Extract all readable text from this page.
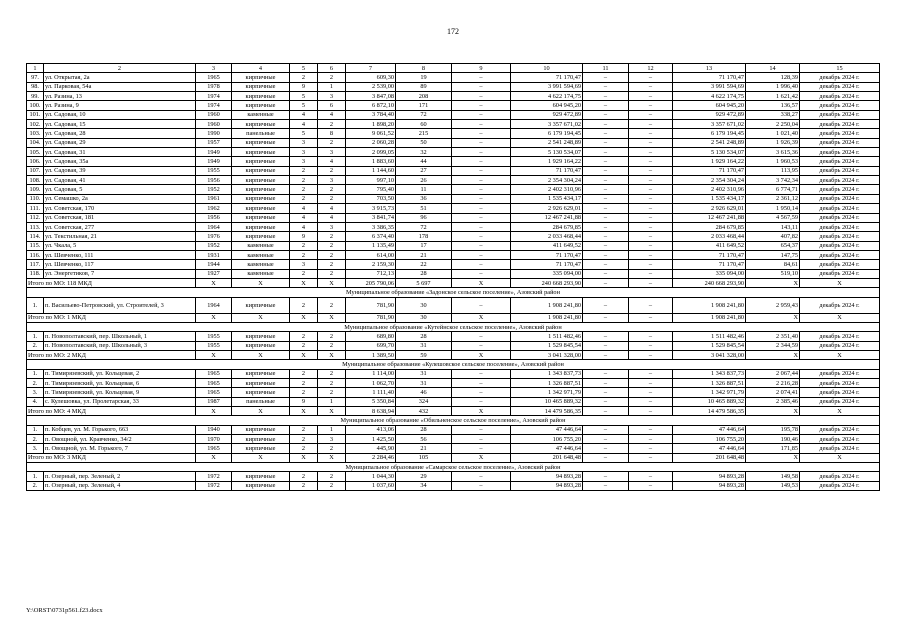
172
1	2	3	4	5	6	7	8	9	10	11	12	13	14	15
97.	ул. Открытая, 2а	1965	кирпичные	2	2	609,30	19	–	71 170,47	–	–	71 170,47	128,39	декабрь 2024 г.
98.	ул. Парковая, 54а	1978	кирпичные	9	1	2 539,00	89	–	3 991 594,69	–	–	3 991 594,69	1 996,40	декабрь 2024 г.
99.	ул. Разина, 13	1974	кирпичные	5	3	3 847,08	208	–	4 622 174,75	–	–	4 622 174,75	1 621,42	декабрь 2024 г.
100.	ул. Разина, 9	1974	кирпичные	5	6	6 872,10	171	–	604 945,20	–	–	604 945,20	136,57	декабрь 2024 г.
101.	ул. Садовая, 10	1960	каменные	4	4	3 784,40	72	–	929 472,89	–	–	929 472,89	338,27	декабрь 2024 г.
102.	ул. Садовая, 15	1960	кирпичные	4	2	1 898,20	60	–	3 357 671,02	–	–	3 357 671,02	2 250,04	декабрь 2024 г.
103.	ул. Садовая, 28	1990	панельные	5	8	9 061,52	215	–	6 179 194,45	–	–	6 179 194,45	1 021,40	декабрь 2024 г.
104.	ул. Садовая, 29	1957	кирпичные	3	2	2 060,28	50	–	2 541 248,89	–	–	2 541 248,89	1 926,39	декабрь 2024 г.
105.	ул. Садовая, 31	1949	кирпичные	3	3	2 099,05	32	–	5 130 534,07	–	–	5 130 534,07	3 615,36	декабрь 2024 г.
106.	ул. Садовая, 35а	1949	кирпичные	3	4	1 883,60	44	–	1 929 164,22	–	–	1 929 164,22	1 960,53	декабрь 2024 г.
107.	ул. Садовая, 39	1955	кирпичные	2	2	1 144,60	27	–	71 170,47	–	–	71 170,47	113,95	декабрь 2024 г.
108.	ул. Садовая, 41	1956	кирпичные	2	3	997,10	26	–	2 354 304,24	–	–	2 354 304,24	3 742,34	декабрь 2024 г.
109.	ул. Садовая, 5	1952	кирпичные	2	2	795,40	11	–	2 402 310,96	–	–	2 402 310,96	6 774,71	декабрь 2024 г.
110.	ул. Семашко, 2а	1961	кирпичные	2	2	703,50	36	–	1 535 434,17	–	–	1 535 434,17	2 361,12	декабрь 2024 г.
111.	ул. Советская, 170	1962	кирпичные	4	4	3 915,73	51	–	2 926 629,01	–	–	2 926 629,01	1 950,14	декабрь 2024 г.
112.	ул. Советская, 181	1956	кирпичные	4	4	3 841,74	96	–	12 467 241,88	–	–	12 467 241,88	4 567,59	декабрь 2024 г.
113.	ул. Советская, 277	1964	кирпичные	4	3	3 386,35	72	–	284 679,85	–	–	284 679,85	143,11	декабрь 2024 г.
114.	ул. Текстильная, 21	1976	кирпичные	9	2	6 374,40	178	–	2 033 468,44	–	–	2 033 468,44	407,82	декабрь 2024 г.
115.	ул. Чкала, 5	1952	каменные	2	2	1 135,49	17	–	411 649,52	–	–	411 649,52	654,37	декабрь 2024 г.
116.	ул. Шевченко, 111	1931	каменные	2	2	614,00	21	–	71 170,47	–	–	71 170,47	147,75	декабрь 2024 г.
117.	ул. Шевченко, 117	1944	каменные	3	2	2 159,30	22	–	71 170,47	–	–	71 170,47	84,61	декабрь 2024 г.
118.	ул. Энергетиков, 7	1927	каменные	2	2	712,13	28	–	335 094,00	–	–	335 094,00	519,10	декабрь 2024 г.
Итого по МО: 118 МКД		X	X	X	X	205 790,06	5 697	X	240 668 293,90	–	–	240 668 293,90	X	X
Муниципальное образование «Задонское сельское поселение», Азовский район														
1.	п. Васильево-Петровский, ул. Строителей, 3	1964	кирпичные	2	2	781,90	30	–	1 908 241,80	–	–	1 908 241,80	2 959,43	декабрь 2024 г.
Итого по МО: 1 МКД		X	X	X	X	781,90	30	X	1 908 241,80	–	–	1 908 241,80	X	X
Муниципальное образование «Кутейнское сельское поселение», Азовский район														
1.	п. Новополтавский, пер. Школьный, 1	1955	кирпичные	2	2	689,80	28	–	1 511 482,46	–	–	1 511 482,46	2 351,40	декабрь 2024 г.
2.	п. Новополтавский, пер. Школьный, 3	1955	кирпичные	2	2	699,70	31	–	1 529 845,54	–	–	1 529 845,54	2 344,59	декабрь 2024 г.
Итого по МО: 2 МКД		X	X	X	X	1 389,50	59	X	3 041 328,00	–	–	3 041 328,00	X	X
Муниципальное образование «Кулешовское сельское поселение», Азовский район														
1.	п. Тимирязевский, ул. Кольцевая, 2	1965	кирпичные	2	2	1 114,00	31	–	1 343 837,73	–	–	1 343 837,73	2 067,44	декабрь 2024 г.
2.	п. Тимирязевский, ул. Кольцевая, 6	1965	кирпичные	2	2	1 062,70	31	–	1 326 887,51	–	–	1 326 887,51	2 216,28	декабрь 2024 г.
3.	п. Тимирязевский, ул. Кольцевая, 9	1965	кирпичные	2	2	1 111,40	46	–	1 342 971,79	–	–	1 342 971,79	2 074,41	декабрь 2024 г.
4.	с. Кулешовка, ул. Пролетарская, 33	1987	панельные	9	1	5 350,84	324	–	10 465 889,32	–	–	10 465 889,32	2 385,46	декабрь 2024 г.
Итого по МО: 4 МКД		X	X	X	X	8 638,94	432	X	14 479 586,35	–	–	14 479 586,35	X	X
Муниципальное образование «Обильненское сельское поселение», Азовский район														
1.	п. Кобцев, ул. М. Горького, 663	1940	кирпичные	2	1	413,06	28	–	47 446,64	–	–	47 446,64	195,78	декабрь 2024 г.
2.	п. Овощной, ул. Кравченко, 34/2	1970	кирпичные	2	3	1 425,50	56	–	106 755,20	–	–	106 755,20	190,46	декабрь 2024 г.
3.	п. Овощной, ул. М. Горького, 7	1965	кирпичные	2	2	445,90	21	–	47 446,64	–	–	47 446,64	171,85	декабрь 2024 г.
Итого по МО: 3 МКД		X	X	X	X	2 284,46	105	X	201 648,48	–	–	201 648,48	X	X
Муниципальное образование «Самарское сельское поселение», Азовский район														
1.	п. Озерный, пер. Зеленый, 2	1972	кирпичные	2	2	1 044,30	29	–	94 893,28	–	–	94 893,28	149,58	декабрь 2024 г.
2.	п. Озерный, пер. Зеленый, 4	1972	кирпичные	2	2	1 037,60	34	–	94 893,28	–	–	94 893,28	149,53	декабрь 2024 г.
Y:\ORST\0731p561.f23.docx
